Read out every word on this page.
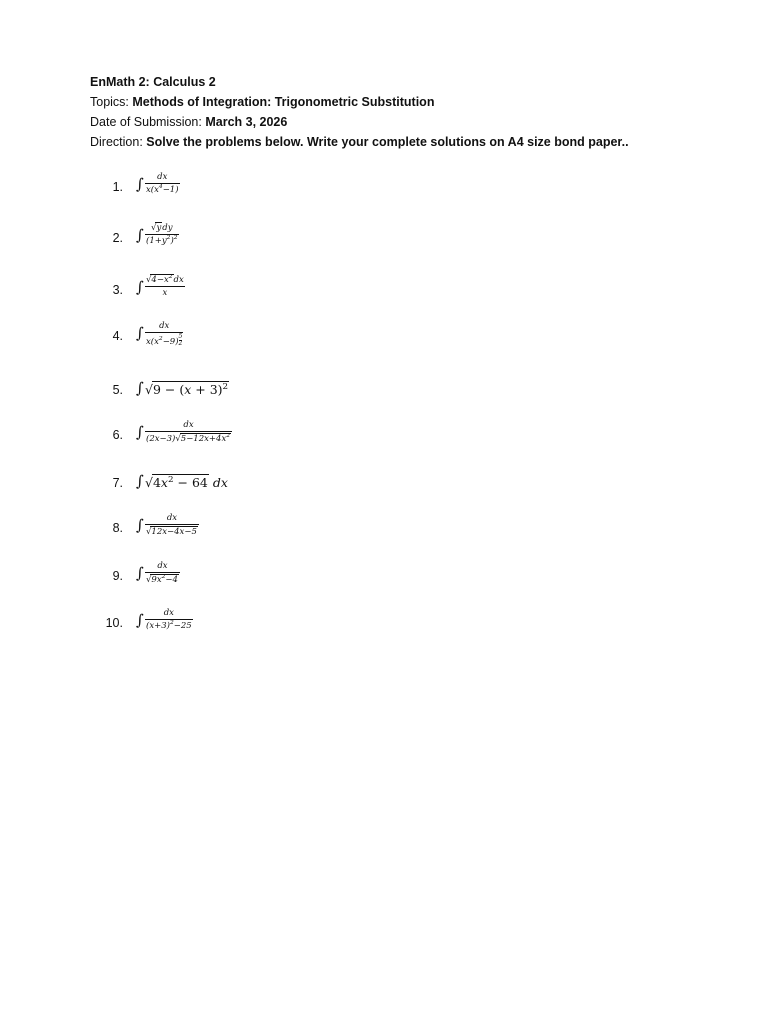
EnMath 2: Calculus 2
Topics: Methods of Integration: Trigonometric Substitution
Date of Submission: March 3, 2026
Direction: Solve the problems below. Write your complete solutions on A4 size bond paper..
1. ∫ dx
$x(x^4-1)$
2. ∫ √ydy
$(1+y^2)^2$
3. ∫ $√4-x^2dx$
x
4. ∫ dx
$x(x^2-9) \frac{5}{2}$
5. ∫ $√9 - (x + 3)^2$
6. ∫	dx
$(2x-3)√5-12x+4x^2$
7. ∫ $√4x^2 - 64$ dx
8. ∫	dx
√12x−4x−5
9. ∫ dx
$√9x^2-4$
10. ∫ dx
$(x+3)^2-25$
